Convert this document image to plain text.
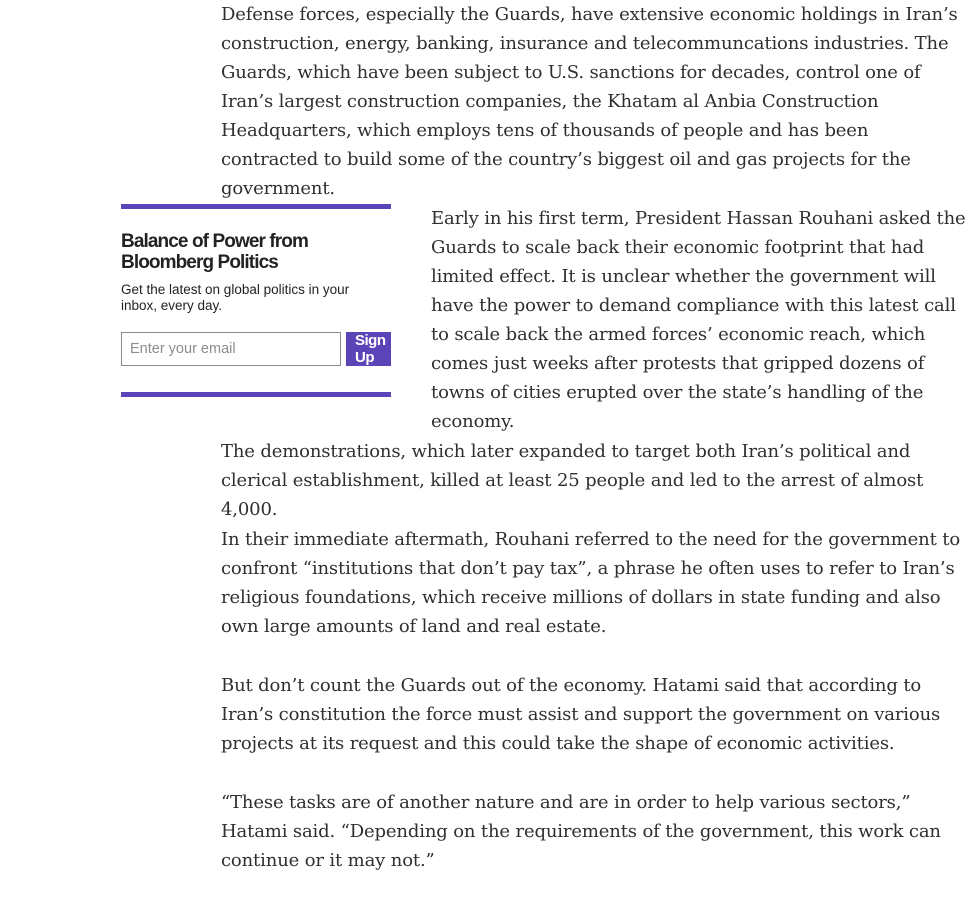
Defense forces, especially the Guards, have extensive economic holdings in Iran’s construction, energy, banking, insurance and telecommuncations industries. The Guards, which have been subject to U.S. sanctions for decades, control one of Iran’s largest construction companies, the Khatam al Anbia Construction Headquarters, which employs tens of thousands of people and has been contracted to build some of the country’s biggest oil and gas projects for the government.

Balance of Power from Bloomberg Politics

Get the latest on global politics in your inbox, every day.

Enter your email
Sign Up

Early in his first term, President Hassan Rouhani asked the Guards to scale back their economic footprint that had limited effect. It is unclear whether the government will have the power to demand compliance with this latest call to scale back the armed forces’ economic reach, which comes just weeks after protests that gripped dozens of towns of cities erupted over the state’s handling of the economy.

The demonstrations, which later expanded to target both Iran’s political and clerical establishment, killed at least 25 people and led to the arrest of almost 4,000.

In their immediate aftermath, Rouhani referred to the need for the government to confront “institutions that don’t pay tax”, a phrase he often uses to refer to Iran’s religious foundations, which receive millions of dollars in state funding and also own large amounts of land and real estate.

But don’t count the Guards out of the economy. Hatami said that according to Iran’s constitution the force must assist and support the government on various projects at its request and this could take the shape of economic activities.

“These tasks are of another nature and are in order to help various sectors,” Hatami said. “Depending on the requirements of the government, this work can continue or it may not.”
